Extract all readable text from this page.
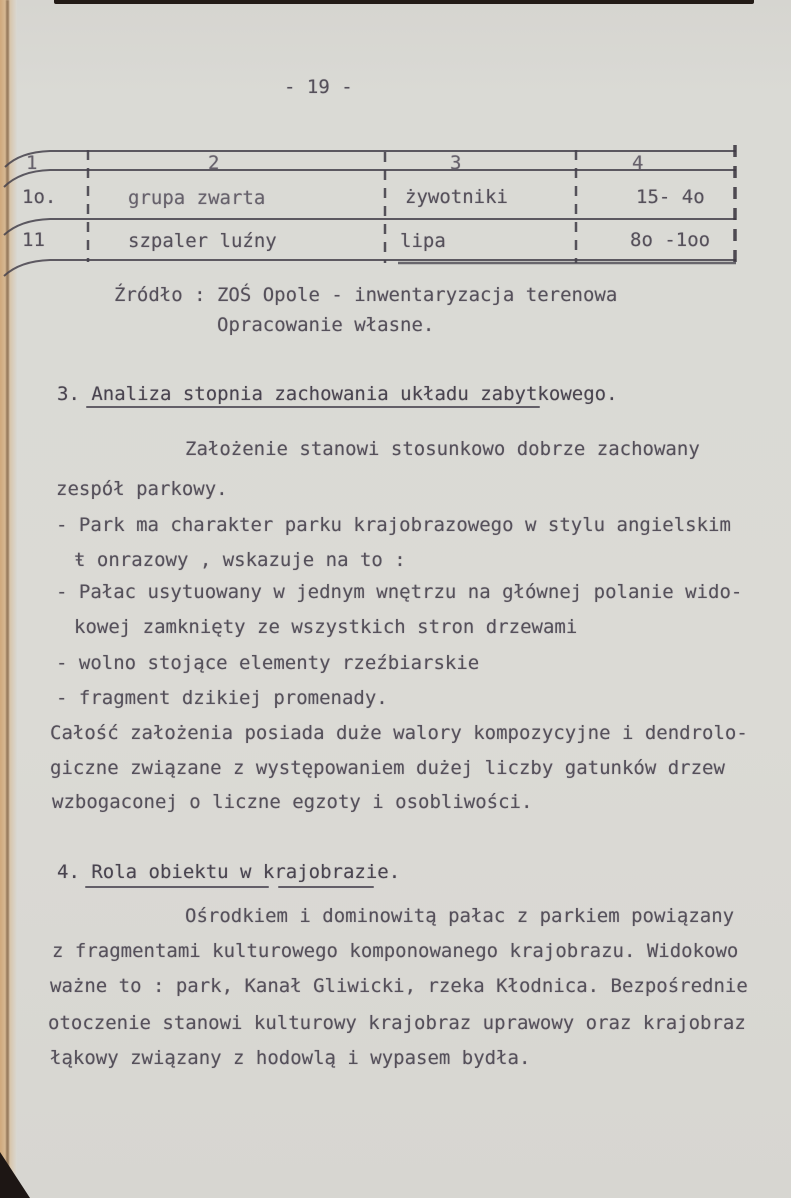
- 19 -
1	2	3	4
1o.	grupa zwarta	żywotniki	15- 4o
11	szpaler luźny	lipa	8o -1oo
Źródło : ZOŚ Opole - inwentaryzacja terenowa
Opracowanie własne.
3. Analiza stopnia zachowania układu zabytkowego.
Założenie stanowi stosunkowo dobrze zachowany
zespół parkowy.
- Park ma charakter parku krajobrazowego w stylu angielskim
ŧ onrazowy , wskazuje na to :
- Pałac usytuowany w jednym wnętrzu na głównej polanie wido-
kowej zamknięty ze wszystkich stron drzewami
- wolno stojące elementy rzeźbiarskie
- fragment dzikiej promenady.
Całość założenia posiada duże walory kompozycyjne i dendrolo-
giczne związane z występowaniem dużej liczby gatunków drzew
wzbogaconej o liczne egzoty i osobliwości.
4. Rola obiektu w krajobrazie.
Ośrodkiem i dominowitą pałac z parkiem powiązany
z fragmentami kulturowego komponowanego krajobrazu. Widokowo
ważne to : park, Kanał Gliwicki, rzeka Kłodnica. Bezpośrednie
otoczenie stanowi kulturowy krajobraz uprawowy oraz krajobraz
łąkowy związany z hodowlą i wypasem bydła.
